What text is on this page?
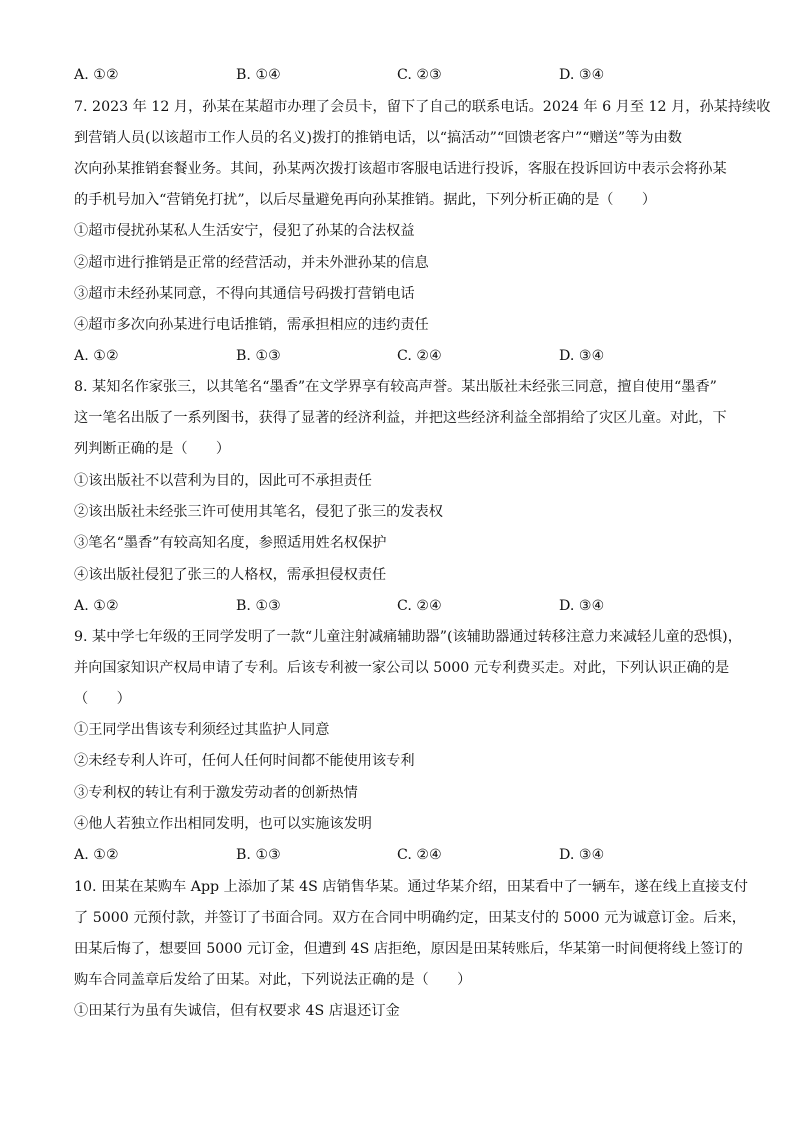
A. ①②	B. ①④	C. ②③	D. ③④
7. 2023 年 12 月，孙某在某超市办理了会员卡，留下了自己的联系电话。2024 年 6 月至 12 月，孙某持续收
到营销人员(以该超市工作人员的名义)拨打的推销电话，以“搞活动”“回馈老客户”“赠送”等为由数
次向孙某推销套餐业务。其间，孙某两次拨打该超市客服电话进行投诉，客服在投诉回访中表示会将孙某
的手机号加入“营销免打扰”，以后尽量避免再向孙某推销。据此，下列分析正确的是（　　）
①超市侵扰孙某私人生活安宁，侵犯了孙某的合法权益
②超市进行推销是正常的经营活动，并未外泄孙某的信息
③超市未经孙某同意，不得向其通信号码拨打营销电话
④超市多次向孙某进行电话推销，需承担相应的违约责任
A. ①②	B. ①③	C. ②④	D. ③④
8. 某知名作家张三，以其笔名“墨香”在文学界享有较高声誉。某出版社未经张三同意，擅自使用“墨香”
这一笔名出版了一系列图书，获得了显著的经济利益，并把这些经济利益全部捐给了灾区儿童。对此，下
列判断正确的是（　　）
①该出版社不以营利为目的，因此可不承担责任
②该出版社未经张三许可使用其笔名，侵犯了张三的发表权
③笔名“墨香”有较高知名度，参照适用姓名权保护
④该出版社侵犯了张三的人格权，需承担侵权责任
A. ①②	B. ①③	C. ②④	D. ③④
9. 某中学七年级的王同学发明了一款“儿童注射减痛辅助器”(该辅助器通过转移注意力来减轻儿童的恐惧)，
并向国家知识产权局申请了专利。后该专利被一家公司以 5000 元专利费买走。对此，下列认识正确的是
（　　）
①王同学出售该专利须经过其监护人同意
②未经专利人许可，任何人任何时间都不能使用该专利
③专利权的转让有利于激发劳动者的创新热情
④他人若独立作出相同发明，也可以实施该发明
A. ①②	B. ①③	C. ②④	D. ③④
10. 田某在某购车 App 上添加了某 4S 店销售华某。通过华某介绍，田某看中了一辆车，遂在线上直接支付
了 5000 元预付款，并签订了书面合同。双方在合同中明确约定，田某支付的 5000 元为诚意订金。后来，
田某后悔了，想要回 5000 元订金，但遭到 4S 店拒绝，原因是田某转账后，华某第一时间便将线上签订的
购车合同盖章后发给了田某。对此，下列说法正确的是（　　）
①田某行为虽有失诚信，但有权要求 4S 店退还订金
